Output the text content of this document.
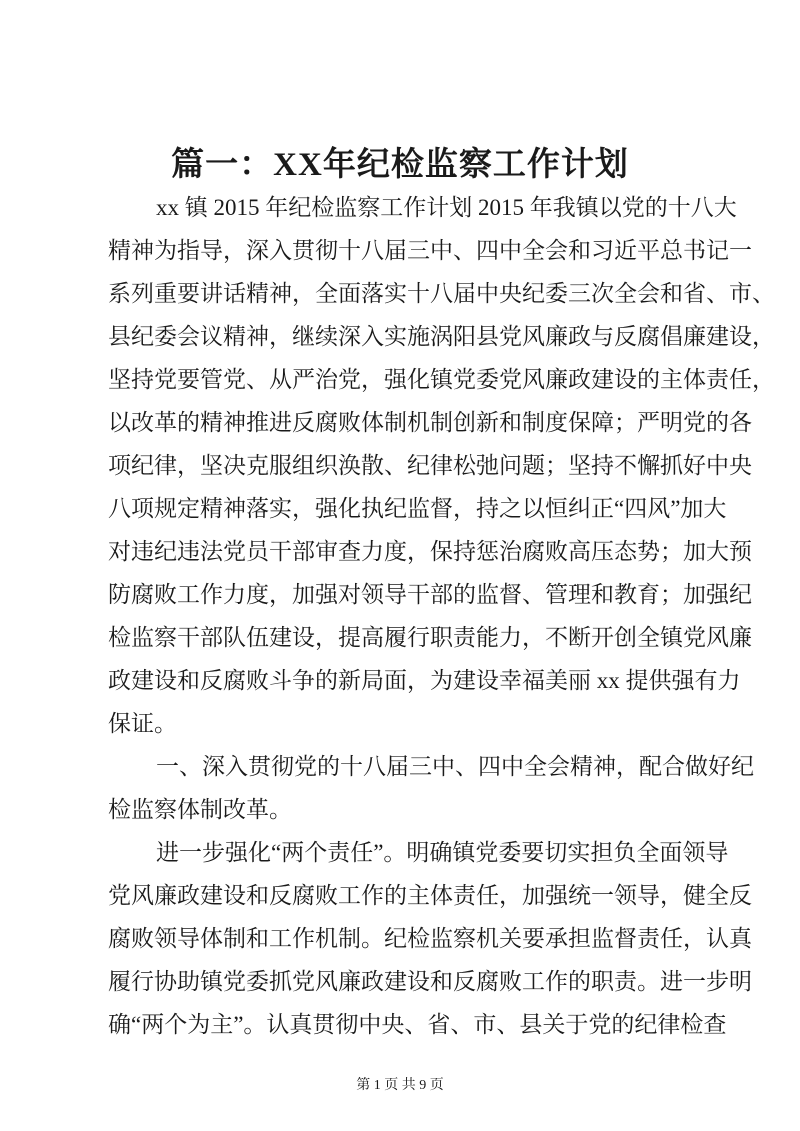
篇一：XX年纪检监察工作计划
xx 镇 2015 年纪检监察工作计划 2015 年我镇以党的十八大
精神为指导，深入贯彻十八届三中、四中全会和习近平总书记一
系列重要讲话精神，全面落实十八届中央纪委三次全会和省、市、
县纪委会议精神，继续深入实施涡阳县党风廉政与反腐倡廉建设，
坚持党要管党、从严治党，强化镇党委党风廉政建设的主体责任，
以改革的精神推进反腐败体制机制创新和制度保障；严明党的各
项纪律，坚决克服组织涣散、纪律松弛问题；坚持不懈抓好中央
八项规定精神落实，强化执纪监督，持之以恒纠正“四风”加大
对违纪违法党员干部审查力度，保持惩治腐败高压态势；加大预
防腐败工作力度，加强对领导干部的监督、管理和教育；加强纪
检监察干部队伍建设，提高履行职责能力，不断开创全镇党风廉
政建设和反腐败斗争的新局面，为建设幸福美丽 xx 提供强有力
保证。
一、深入贯彻党的十八届三中、四中全会精神，配合做好纪
检监察体制改革。
进一步强化“两个责任”。明确镇党委要切实担负全面领导
党风廉政建设和反腐败工作的主体责任，加强统一领导，健全反
腐败领导体制和工作机制。纪检监察机关要承担监督责任，认真
履行协助镇党委抓党风廉政建设和反腐败工作的职责。进一步明
确“两个为主”。认真贯彻中央、省、市、县关于党的纪律检查
第 1 页 共 9 页
